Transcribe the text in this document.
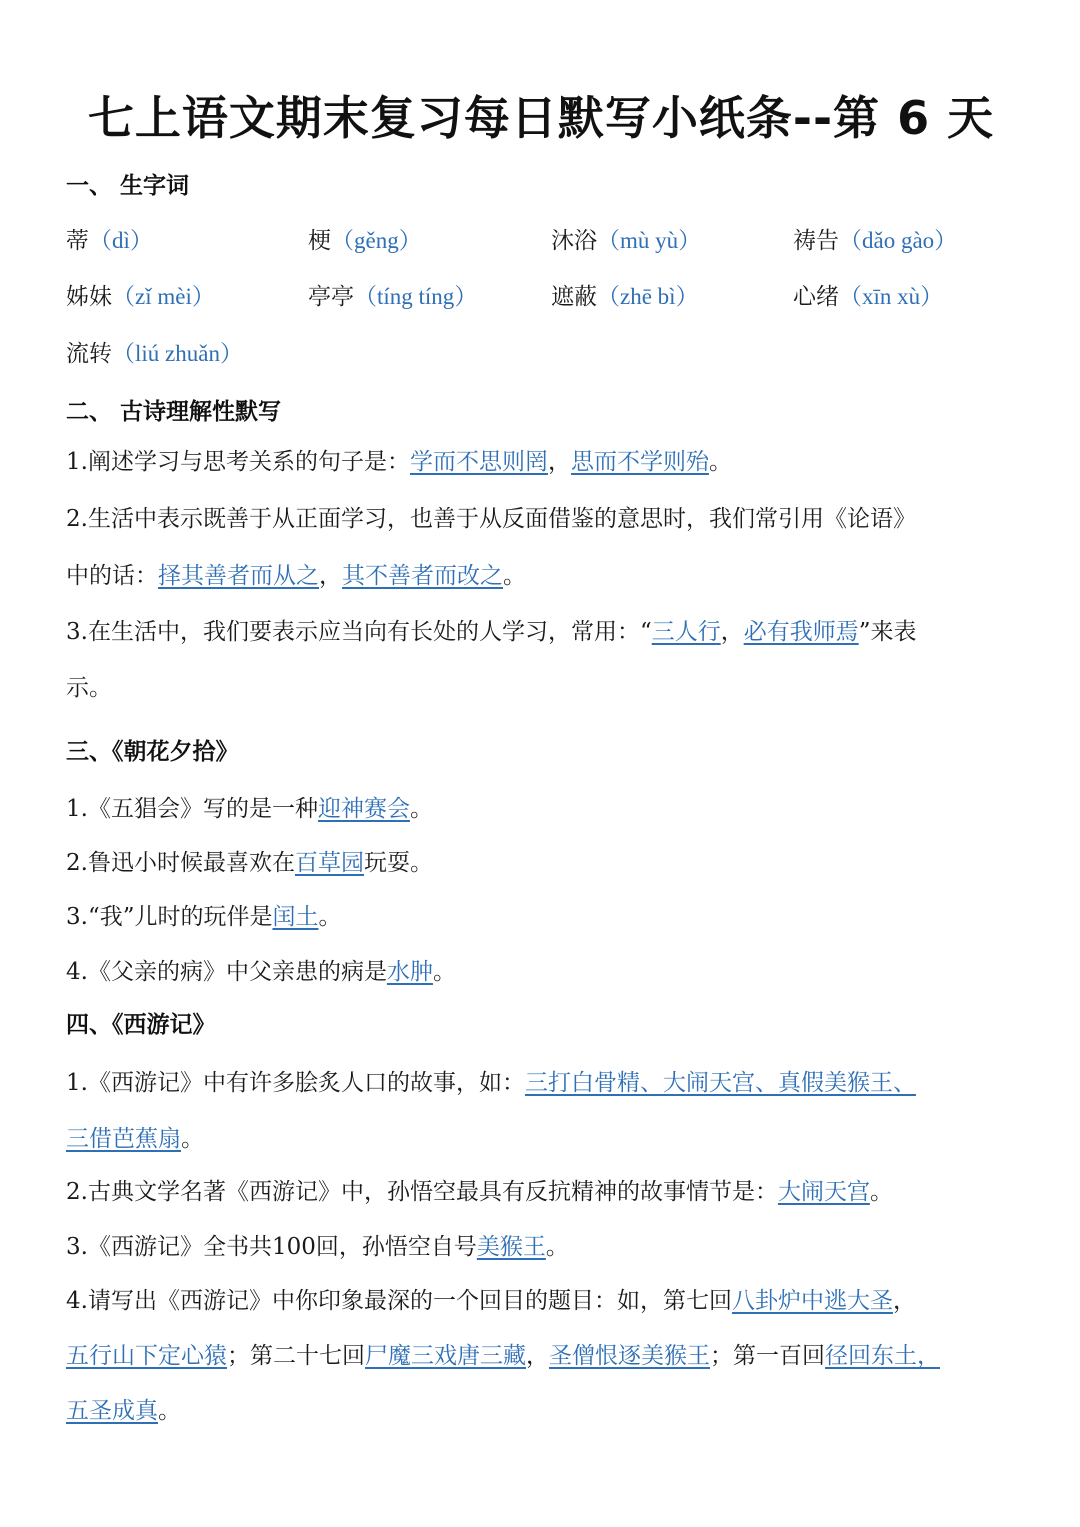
七上语文期末复习每日默写小纸条--第 6 天
一、 生字词
蒂（dì）	梗（gěng）	沐浴（mù yù）	祷告（dǎo gào）
姊妹（zǐ mèi）	亭亭（tíng tíng）	遮蔽（zhē bì）	心绪（xīn xù）
流转（liú zhuǎn）
二、 古诗理解性默写
1.阐述学习与思考关系的句子是：学而不思则罔，思而不学则殆。
2.生活中表示既善于从正面学习，也善于从反面借鉴的意思时，我们常引用《论语》
中的话：择其善者而从之，其不善者而改之。
3.在生活中，我们要表示应当向有长处的人学习，常用：“三人行，必有我师焉”来表
示。
三、《朝花夕拾》
1.《五猖会》写的是一种迎神赛会。
2.鲁迅小时候最喜欢在百草园玩耍。
3.“我”儿时的玩伴是闰土。
4.《父亲的病》中父亲患的病是水肿。
四、《西游记》
1.《西游记》中有许多脍炙人口的故事，如：三打白骨精、大闹天宫、真假美猴王、
三借芭蕉扇。
2.古典文学名著《西游记》中，孙悟空最具有反抗精神的故事情节是：大闹天宫。
3.《西游记》全书共100回，孙悟空自号美猴王。
4.请写出《西游记》中你印象最深的一个回目的题目：如，第七回八卦炉中逃大圣，
五行山下定心猿；第二十七回尸魔三戏唐三藏，圣僧恨逐美猴王；第一百回径回东土，
五圣成真。
